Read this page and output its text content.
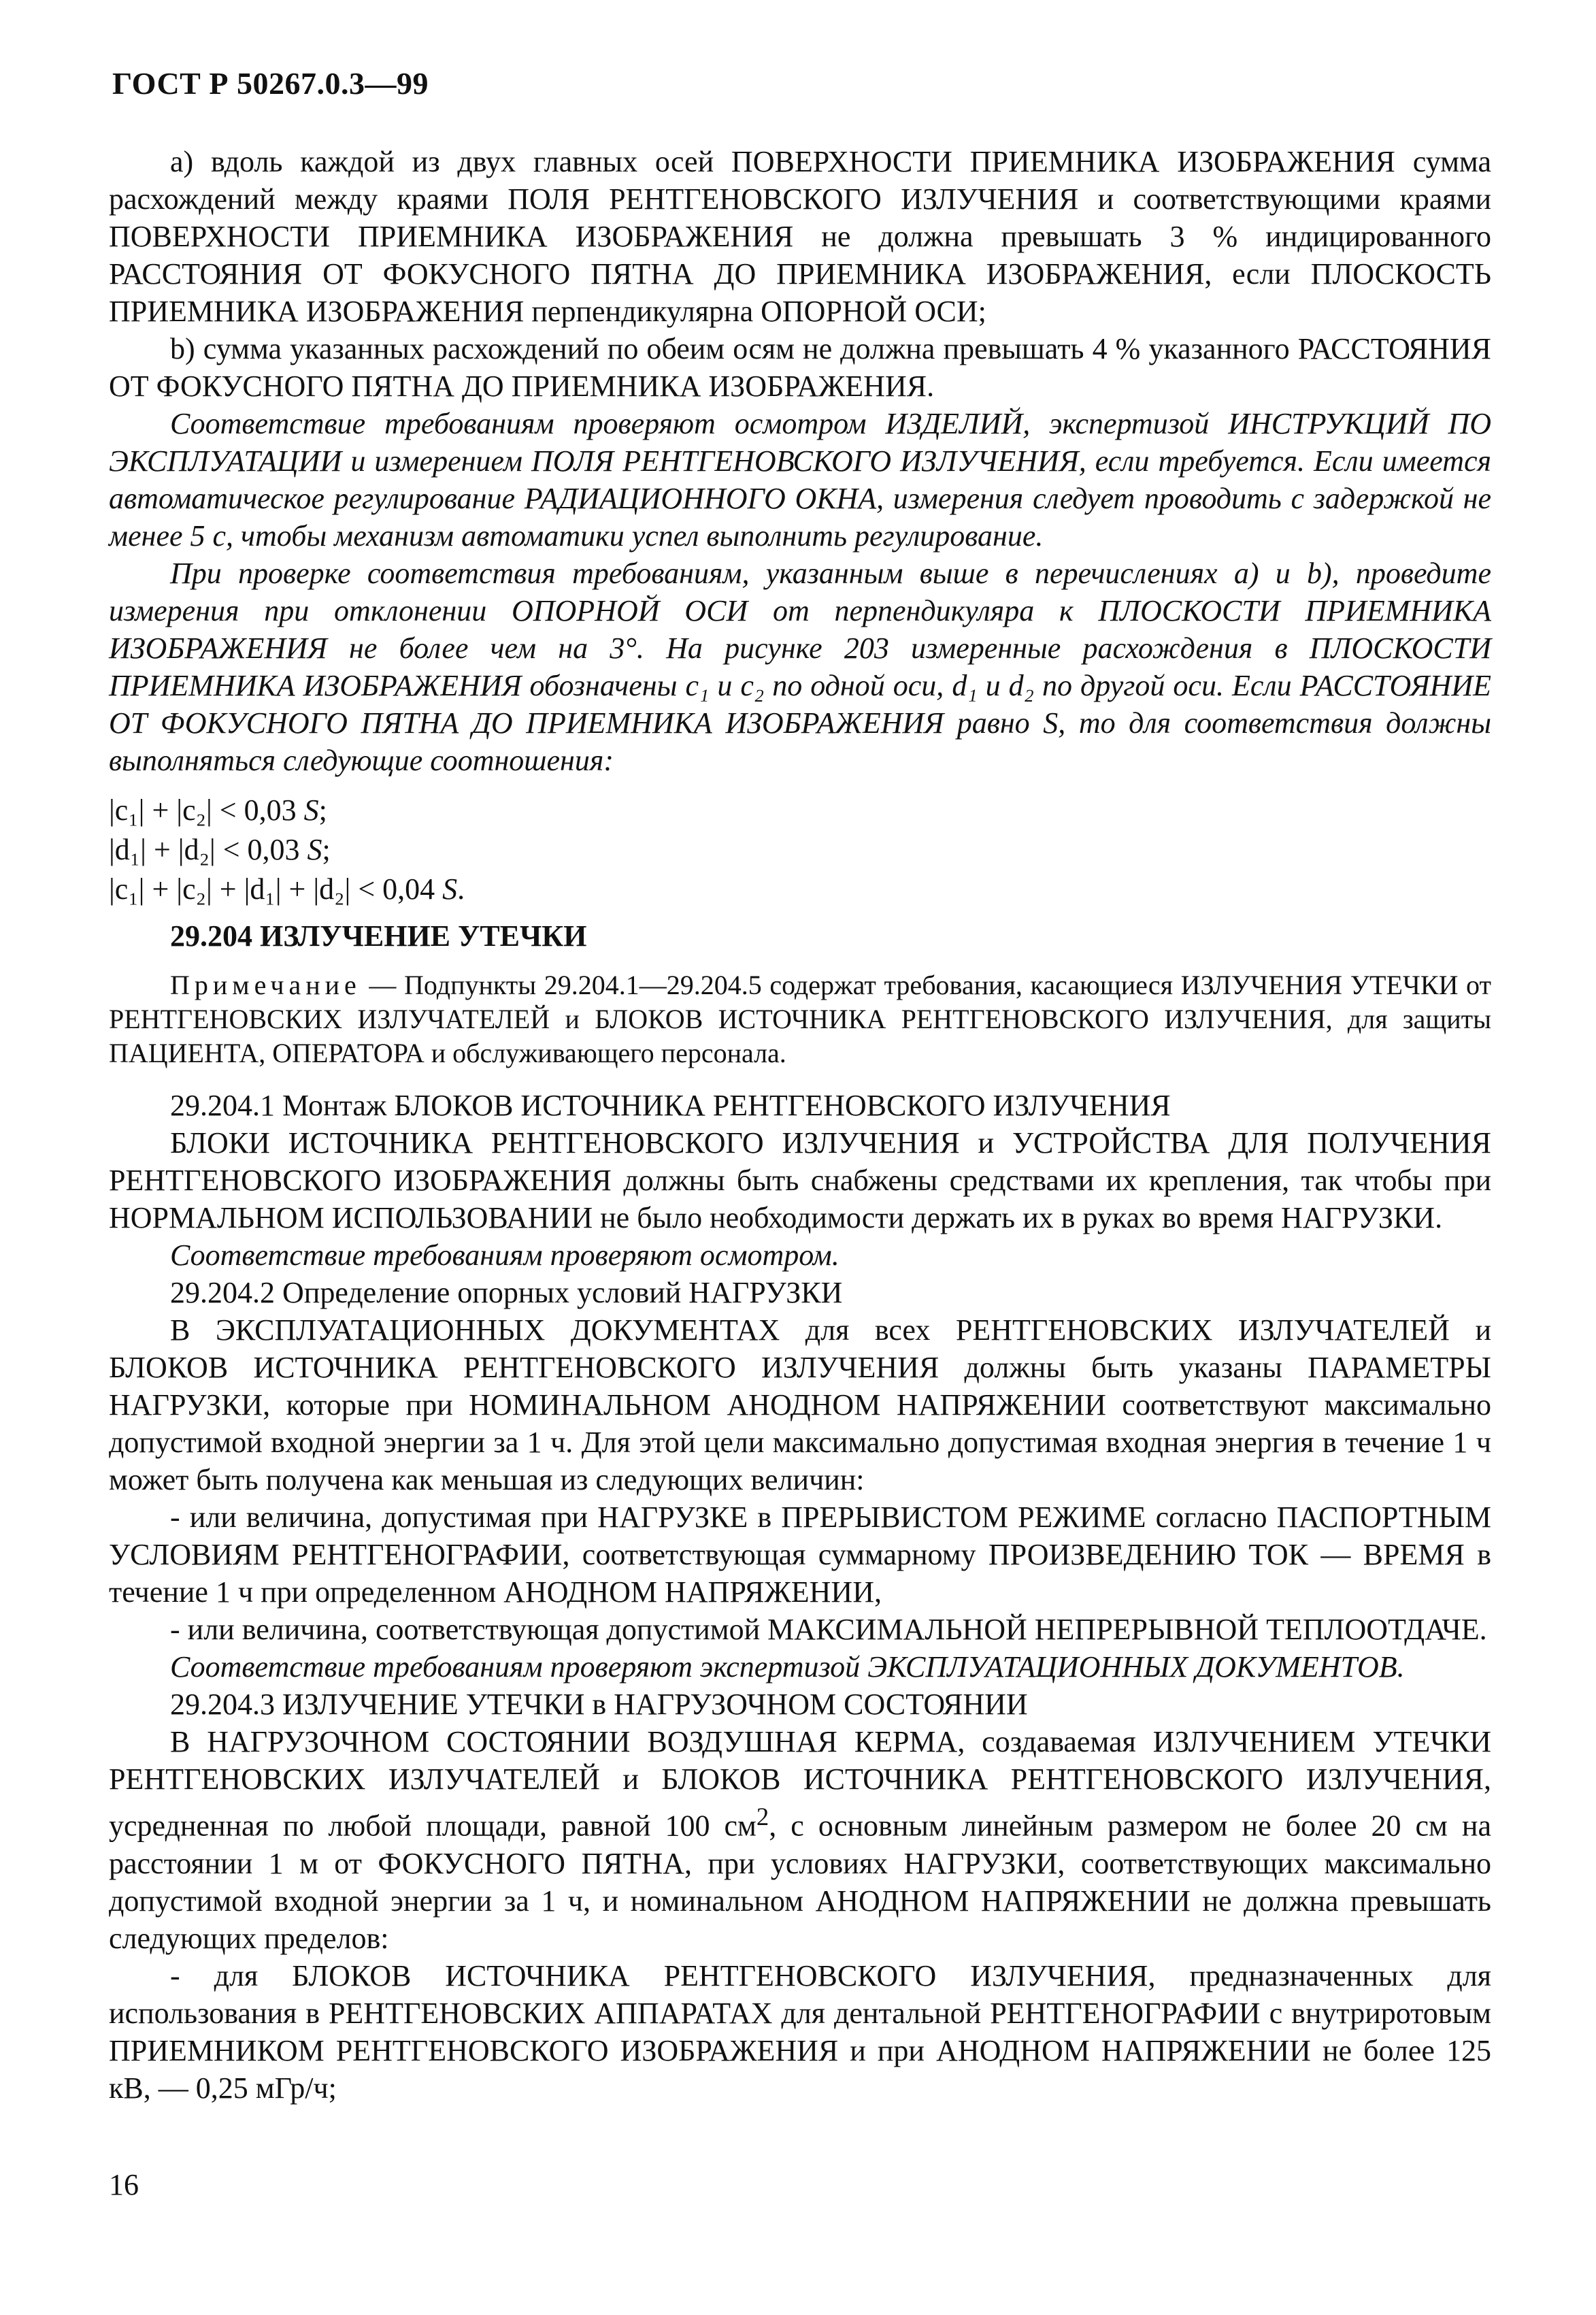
ГОСТ Р 50267.0.3—99

а) вдоль каждой из двух главных осей ПОВЕРХНОСТИ ПРИЕМНИКА ИЗОБРАЖЕНИЯ сумма расхождений между краями ПОЛЯ РЕНТГЕНОВСКОГО ИЗЛУЧЕНИЯ и соответствующими краями ПОВЕРХНОСТИ ПРИЕМНИКА ИЗОБРАЖЕНИЯ не должна превышать 3 % индицированного РАССТОЯНИЯ ОТ ФОКУСНОГО ПЯТНА ДО ПРИЕМНИКА ИЗОБРАЖЕНИЯ, если ПЛОСКОСТЬ ПРИЕМНИКА ИЗОБРАЖЕНИЯ перпендикулярна ОПОРНОЙ ОСИ;

b) сумма указанных расхождений по обеим осям не должна превышать 4 % указанного РАССТОЯНИЯ ОТ ФОКУСНОГО ПЯТНА ДО ПРИЕМНИКА ИЗОБРАЖЕНИЯ.

Соответствие требованиям проверяют осмотром ИЗДЕЛИЙ, экспертизой ИНСТРУКЦИЙ ПО ЭКСПЛУАТАЦИИ и измерением ПОЛЯ РЕНТГЕНОВСКОГО ИЗЛУЧЕНИЯ, если требуется. Если имеется автоматическое регулирование РАДИАЦИОННОГО ОКНА, измерения следует проводить с задержкой не менее 5 с, чтобы механизм автоматики успел выполнить регулирование.

При проверке соответствия требованиям, указанным выше в перечислениях а) и b), проведите измерения при отклонении ОПОРНОЙ ОСИ от перпендикуляра к ПЛОСКОСТИ ПРИЕМНИКА ИЗОБРАЖЕНИЯ не более чем на 3°. На рисунке 203 измеренные расхождения в ПЛОСКОСТИ ПРИЕМНИКА ИЗОБРАЖЕНИЯ обозначены c₁ и c₂ по одной оси, d₁ и d₂ по другой оси. Если РАССТОЯНИЕ ОТ ФОКУСНОГО ПЯТНА ДО ПРИЕМНИКА ИЗОБРАЖЕНИЯ равно S, то для соответствия должны выполняться следующие соотношения:

|c₁| + |c₂| < 0,03 S;

|d₁| + |d₂| < 0,03 S;

|c₁| + |c₂| + |d₁| + |d₂| < 0,04 S.

29.204 ИЗЛУЧЕНИЕ УТЕЧКИ

Примечание — Подпункты 29.204.1—29.204.5 содержат требования, касающиеся ИЗЛУЧЕНИЯ УТЕЧКИ от РЕНТГЕНОВСКИХ ИЗЛУЧАТЕЛЕЙ и БЛОКОВ ИСТОЧНИКА РЕНТГЕНОВСКОГО ИЗЛУЧЕНИЯ, для защиты ПАЦИЕНТА, ОПЕРАТОРА и обслуживающего персонала.

29.204.1 Монтаж БЛОКОВ ИСТОЧНИКА РЕНТГЕНОВСКОГО ИЗЛУЧЕНИЯ

БЛОКИ ИСТОЧНИКА РЕНТГЕНОВСКОГО ИЗЛУЧЕНИЯ и УСТРОЙСТВА ДЛЯ ПОЛУЧЕНИЯ РЕНТГЕНОВСКОГО ИЗОБРАЖЕНИЯ должны быть снабжены средствами их крепления, так чтобы при НОРМАЛЬНОМ ИСПОЛЬЗОВАНИИ не было необходимости держать их в руках во время НАГРУЗКИ.

Соответствие требованиям проверяют осмотром.

29.204.2 Определение опорных условий НАГРУЗКИ

В ЭКСПЛУАТАЦИОННЫХ ДОКУМЕНТАХ для всех РЕНТГЕНОВСКИХ ИЗЛУЧАТЕЛЕЙ и БЛОКОВ ИСТОЧНИКА РЕНТГЕНОВСКОГО ИЗЛУЧЕНИЯ должны быть указаны ПАРАМЕТРЫ НАГРУЗКИ, которые при НОМИНАЛЬНОМ АНОДНОМ НАПРЯЖЕНИИ соответствуют максимально допустимой входной энергии за 1 ч. Для этой цели максимально допустимая входная энергия в течение 1 ч может быть получена как меньшая из следующих величин:

- или величина, допустимая при НАГРУЗКЕ в ПРЕРЫВИСТОМ РЕЖИМЕ согласно ПАСПОРТНЫМ УСЛОВИЯМ РЕНТГЕНОГРАФИИ, соответствующая суммарному ПРОИЗВЕДЕНИЮ ТОК — ВРЕМЯ в течение 1 ч при определенном АНОДНОМ НАПРЯЖЕНИИ,

- или величина, соответствующая допустимой МАКСИМАЛЬНОЙ НЕПРЕРЫВНОЙ ТЕПЛООТДАЧЕ.

Соответствие требованиям проверяют экспертизой ЭКСПЛУАТАЦИОННЫХ ДОКУМЕНТОВ.

29.204.3 ИЗЛУЧЕНИЕ УТЕЧКИ в НАГРУЗОЧНОМ СОСТОЯНИИ

В НАГРУЗОЧНОМ СОСТОЯНИИ ВОЗДУШНАЯ КЕРМА, создаваемая ИЗЛУЧЕНИЕМ УТЕЧКИ РЕНТГЕНОВСКИХ ИЗЛУЧАТЕЛЕЙ и БЛОКОВ ИСТОЧНИКА РЕНТГЕНОВСКОГО ИЗЛУЧЕНИЯ, усредненная по любой площади, равной 100 $см^2$, с основным линейным размером не более 20 см на расстоянии 1 м от ФОКУСНОГО ПЯТНА, при условиях НАГРУЗКИ, соответствующих максимально допустимой входной энергии за 1 ч, и номинальном АНОДНОМ НАПРЯЖЕНИИ не должна превышать следующих пределов:

- для БЛОКОВ ИСТОЧНИКА РЕНТГЕНОВСКОГО ИЗЛУЧЕНИЯ, предназначенных для использования в РЕНТГЕНОВСКИХ АППАРАТАХ для дентальной РЕНТГЕНОГРАФИИ с внутриротовым ПРИЕМНИКОМ РЕНТГЕНОВСКОГО ИЗОБРАЖЕНИЯ и при АНОДНОМ НАПРЯЖЕНИИ не более 125 кВ, — 0,25 мГр/ч;

16
